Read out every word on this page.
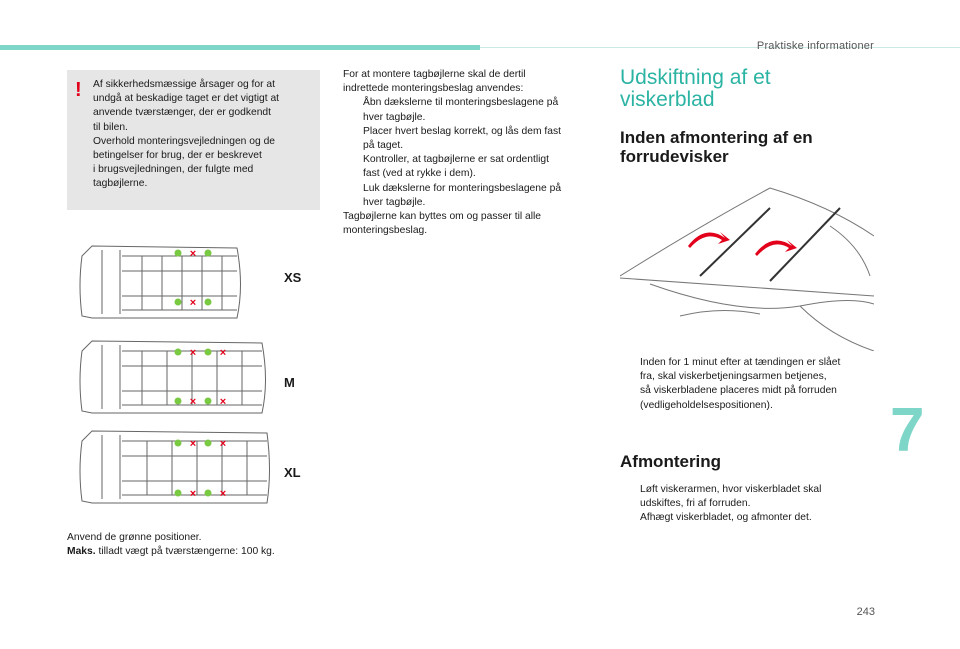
Praktiske informationer
! Af sikkerhedsmæssige årsager og for at
undgå at beskadige taget er det vigtigt at
anvende tværstænger, der er godkendt
til bilen.
Overhold monteringsvejledningen og de
betingelser for brug, der er beskrevet
i brugsvejledningen, der fulgte med
tagbøjlerne.

×
×
× ×
× ×
× ×
× ×
XS
M
XL
Anvend de grønne positioner.
Maks. tilladt vægt på tværstængerne: 100 kg.

For at montere tagbøjlerne skal de dertil
indrettede monteringsbeslag anvendes:

Åbn dækslerne til monteringsbeslagene på
hver tagbøjle.

Placer hvert beslag korrekt, og lås dem fast
på taget.

Kontroller, at tagbøjlerne er sat ordentligt
fast (ved at rykke i dem).

Luk dækslerne for monteringsbeslagene på
hver tagbøjle.

Tagbøjlerne kan byttes om og passer til alle
monteringsbeslag.

Udskiftning af et
viskerblad
Inden afmontering af en
forrudevisker

Inden for 1 minut efter at tændingen er slået
fra, skal viskerbetjeningsarmen betjenes,
så viskerbladene placeres midt på forruden
(vedligeholdelsespositionen).

Afmontering

Løft viskerarmen, hvor viskerbladet skal
udskiftes, fri af forruden.

Afhægt viskerbladet, og afmonter det.

7
243
